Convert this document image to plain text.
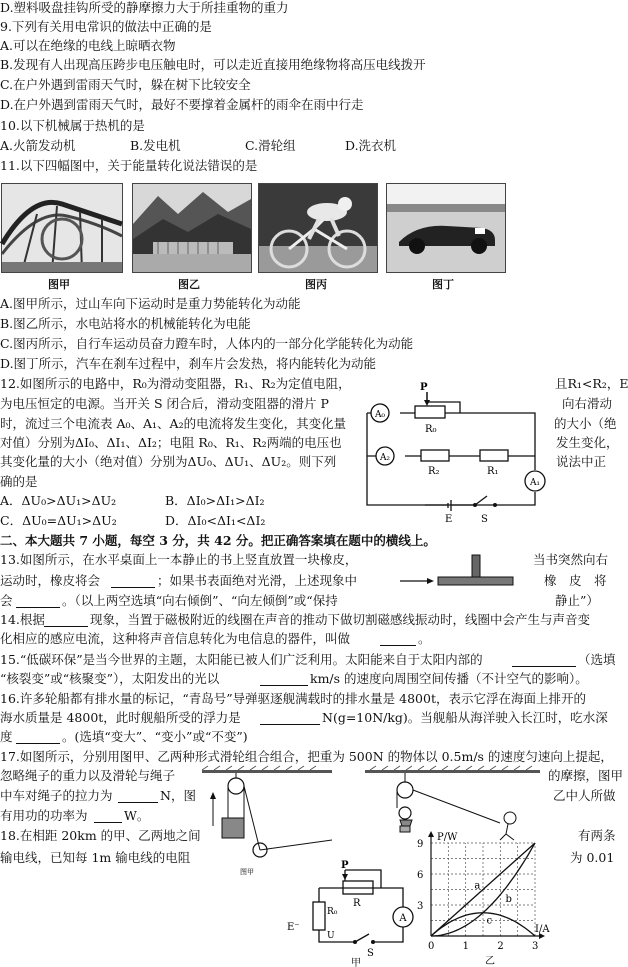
D.塑料吸盘挂钩所受的静摩擦力大于所挂重物的重力
9.下列有关用电常识的做法中正确的是
A.可以在绝缘的电线上晾晒衣物
B.发现有人出现高压跨步电压触电时，可以走近直接用绝缘物将高压电线拨开
C.在户外遇到雷雨天气时，躲在树下比较安全
D.在户外遇到雷雨天气时，最好不要撑着金属杆的雨伞在雨中行走
10.以下机械属于热机的是
A.火箭发动机	B.发电机	C.滑轮组	D.洗衣机
11.以下四幅图中，关于能量转化说法错误的是
图甲	图乙	图丙	图丁
A.图甲所示，过山车向下运动时是重力势能转化为动能
B.图乙所示，水电站将水的机械能转化为电能
C.图丙所示，自行车运动员奋力蹬车时，人体内的一部分化学能转化为动能
D.图丁所示，汽车在刹车过程中，刹车片会发热，将内能转化为动能
12.如图所示的电路中，R₀为滑动变阻器，R₁、R₂为定值电阻，	且R₁<R₂，E
为电压恒定的电源。当开关 S 闭合后，滑动变阻器的滑片 P	向右滑动
时，流过三个电流表 A₀、A₁、A₂的电流将发生变化，其变化量	的大小（绝
对值）分别为ΔI₀、ΔI₁、ΔI₂；电阻 R₀、R₁、R₂两端的电压也	发生变化，
其变化量的大小（绝对值）分别为ΔU₀、ΔU₁、ΔU₂。则下列	说法中正
确的是
A．ΔU₀>ΔU₁>ΔU₂	B．ΔI₀>ΔI₁>ΔI₂
C．ΔU₀=ΔU₁>ΔU₂	D．ΔI₀<ΔI₁<ΔI₂
A₀
A₂
A₁
P
R₀
R₂	R₁
E	S
二、本大题共 7 小题，每空 3 分，共 42 分。把正确答案填在题中的横线上。
13.如图所示，在水平桌面上一本静止的书上竖直放置一块橡皮，	当书突然向右
运动时，橡皮将会	；如果书表面绝对光滑，上述现象中	橡　皮　将
会	。（以上两空选填“向右倾倒”、“向左倾倒”或“保持	静止”）
14.根据	现象，当置于磁极附近的线圈在声音的推动下做切割磁感线振动时，线圈中会产生与声音变
化相应的感应电流，这种将声音信息转化为电信息的器件，叫做	。
15.“低碳环保”是当今世界的主题，太阳能已被人们广泛利用。太阳能来自于太阳内部的	（选填
“核裂变”或“核聚变”），太阳发出的光以	km/s 的速度向周围空间传播（不计空气的影响）。
16.许多轮船都有排水量的标记，“青岛号”导弹驱逐舰满载时的排水量是 4800t，表示它浮在海面上排开的
海水质量是 4800t，此时舰船所受的浮力是	N(g=10N/kg)。当舰船从海洋驶入长江时，吃水深
度	。(选填“变大”、“变小”或“不变”)
17.如图所示，分别用图甲、乙两种形式滑轮组合组合，把重为 500N 的物体以 0.5m/s 的速度匀速向上提起，
忽略绳子的重力以及滑轮与绳子	的摩擦，图甲
中车对绳子的拉力为	N，图	乙中人所做
有用功的功率为	W。
图甲
18.在相距 20km 的甲、乙两地之间	有两条
输电线，已知每 1m 输电线的电阻	为 0.01
A
P
R
R₀
U
S
E⁻
甲
a
b
c
0	1	2	3
3
6
9
P/W
I/A
乙
